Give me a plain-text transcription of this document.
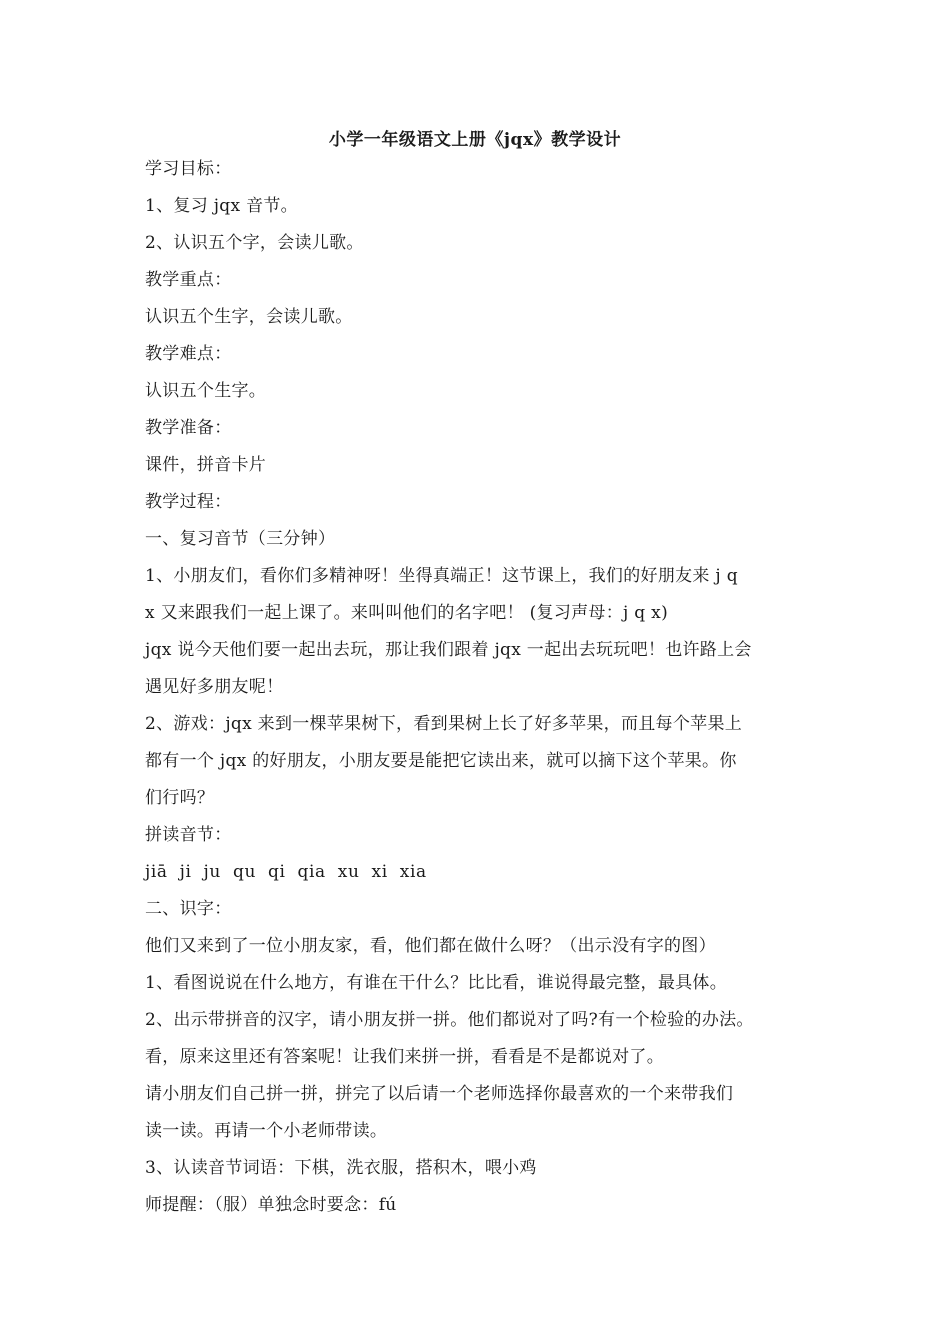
小学一年级语文上册《jqx》教学设计

学习目标：

1、复习 jqx 音节。

2、认识五个字，会读儿歌。

教学重点：

认识五个生字，会读儿歌。

教学难点：

认识五个生字。

教学准备：

课件，拼音卡片

教学过程：

一、复习音节（三分钟）

1、小朋友们，看你们多精神呀！坐得真端正！这节课上，我们的好朋友来 j q

x 又来跟我们一起上课了。来叫叫他们的名字吧！ (复习声母：j q x)

jqx 说今天他们要一起出去玩，那让我们跟着 jqx 一起出去玩玩吧！也许路上会

遇见好多朋友呢！

2、游戏：jqx 来到一棵苹果树下，看到果树上长了好多苹果，而且每个苹果上

都有一个 jqx 的好朋友，小朋友要是能把它读出来，就可以摘下这个苹果。你

们行吗？

拼读音节：

jiā ji ju qu qi qia xu xi xia

二、识字：

他们又来到了一位小朋友家，看，他们都在做什么呀？（出示没有字的图）

1、看图说说在什么地方，有谁在干什么？比比看，谁说得最完整，最具体。

2、出示带拼音的汉字，请小朋友拼一拼。他们都说对了吗?有一个检验的办法。

看，原来这里还有答案呢！让我们来拼一拼，看看是不是都说对了。

请小朋友们自己拼一拼，拼完了以后请一个老师选择你最喜欢的一个来带我们

读一读。再请一个小老师带读。

3、认读音节词语：下棋，洗衣服，搭积木，喂小鸡

师提醒：（服）单独念时要念：fú
